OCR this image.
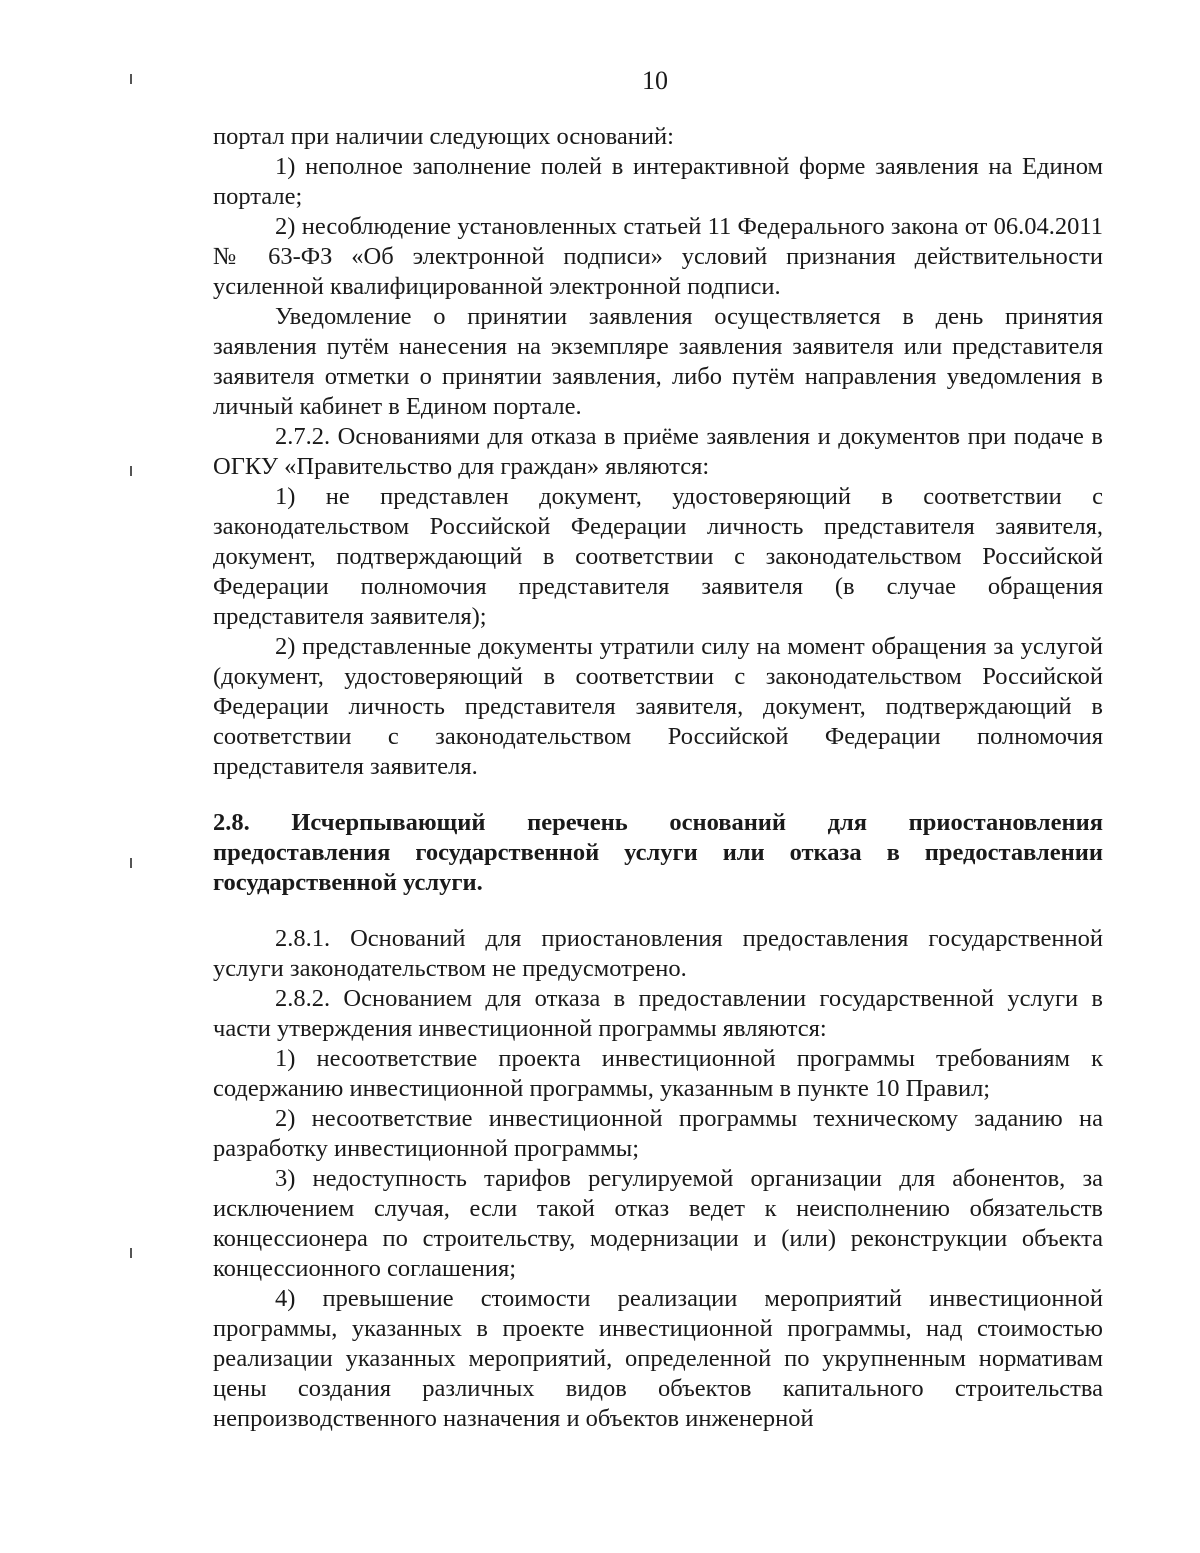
10

портал при наличии следующих оснований:

1) неполное заполнение полей в интерактивной форме заявления на Едином портале;

2) несоблюдение установленных статьей 11 Федерального закона от 06.04.2011 № 63-ФЗ «Об электронной подписи» условий признания действительности усиленной квалифицированной электронной подписи.

Уведомление о принятии заявления осуществляется в день принятия заявления путём нанесения на экземпляре заявления заявителя или представителя заявителя отметки о принятии заявления, либо путём направления уведомления в личный кабинет в Едином портале.

2.7.2. Основаниями для отказа в приёме заявления и документов при подаче в ОГКУ «Правительство для граждан» являются:

1) не представлен документ, удостоверяющий в соответствии с законодательством Российской Федерации личность представителя заявителя, документ, подтверждающий в соответствии с законодательством Российской Федерации полномочия представителя заявителя (в случае обращения представителя заявителя);

2) представленные документы утратили силу на момент обращения за услугой (документ, удостоверяющий в соответствии с законодательством Российской Федерации личность представителя заявителя, документ, подтверждающий в соответствии с законодательством Российской Федерации полномочия представителя заявителя.

2.8. Исчерпывающий перечень оснований для приостановления предоставления государственной услуги или отказа в предоставлении государственной услуги.

2.8.1. Оснований для приостановления предоставления государственной услуги законодательством не предусмотрено.

2.8.2. Основанием для отказа в предоставлении государственной услуги в части утверждения инвестиционной программы являются:

1) несоответствие проекта инвестиционной программы требованиям к содержанию инвестиционной программы, указанным в пункте 10 Правил;

2) несоответствие инвестиционной программы техническому заданию на разработку инвестиционной программы;

3) недоступность тарифов регулируемой организации для абонентов, за исключением случая, если такой отказ ведет к неисполнению обязательств концессионера по строительству, модернизации и (или) реконструкции объекта концессионного соглашения;

4) превышение стоимости реализации мероприятий инвестиционной программы, указанных в проекте инвестиционной программы, над стоимостью реализации указанных мероприятий, определенной по укрупненным нормативам цены создания различных видов объектов капитального строительства непроизводственного назначения и объектов инженерной
